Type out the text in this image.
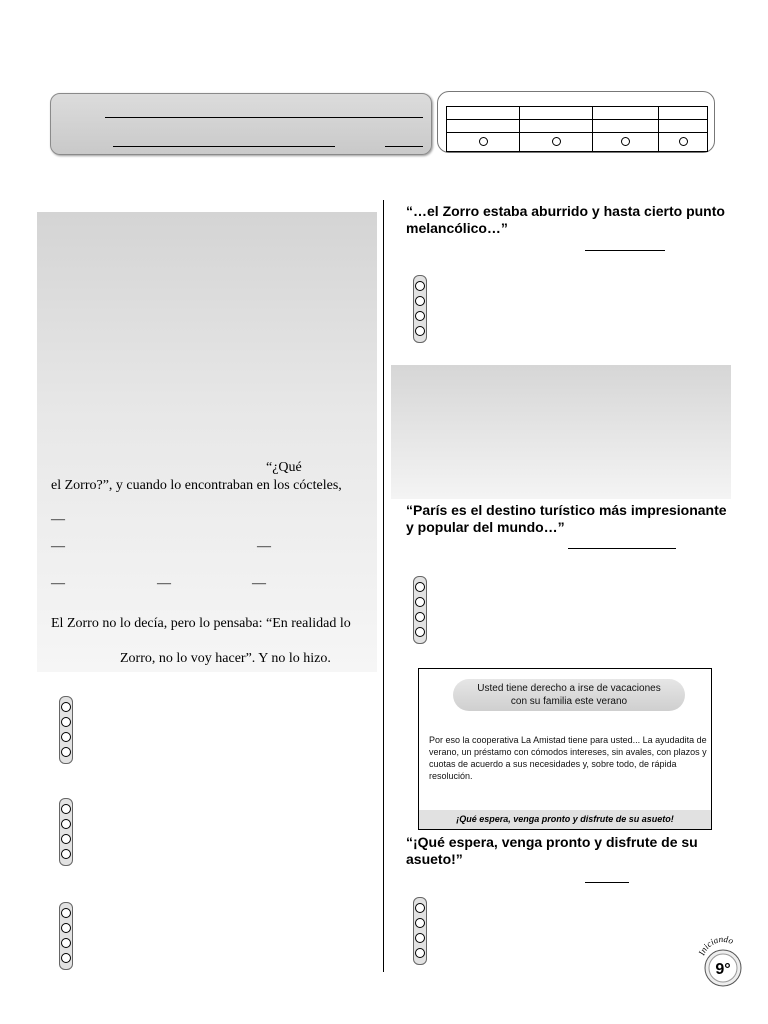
“¿Qué
el Zorro?”, y cuando lo encontraban en los cócteles,
—
—	—
—	—	—
El Zorro no lo decía, pero lo pensaba: “En realidad lo
Zorro, no lo voy hacer”. Y no lo hizo.
“…el Zorro estaba aburrido y hasta cierto punto melancólico…”
“París es el destino turístico más impresionante y popular del mundo…”
Usted tiene derecho a irse de vacaciones
con su familia este verano
Por eso la cooperativa La Amistad tiene para usted... La ayudadita de verano, un préstamo con cómodos intereses, sin avales, con plazos y cuotas de acuerdo a sus necesidades y, sobre todo, de rápida resolución.
¡Qué espera, venga pronto y disfrute de su asueto!
“¡Qué espera, venga pronto y disfrute de su asueto!”
Iniciando
9°
